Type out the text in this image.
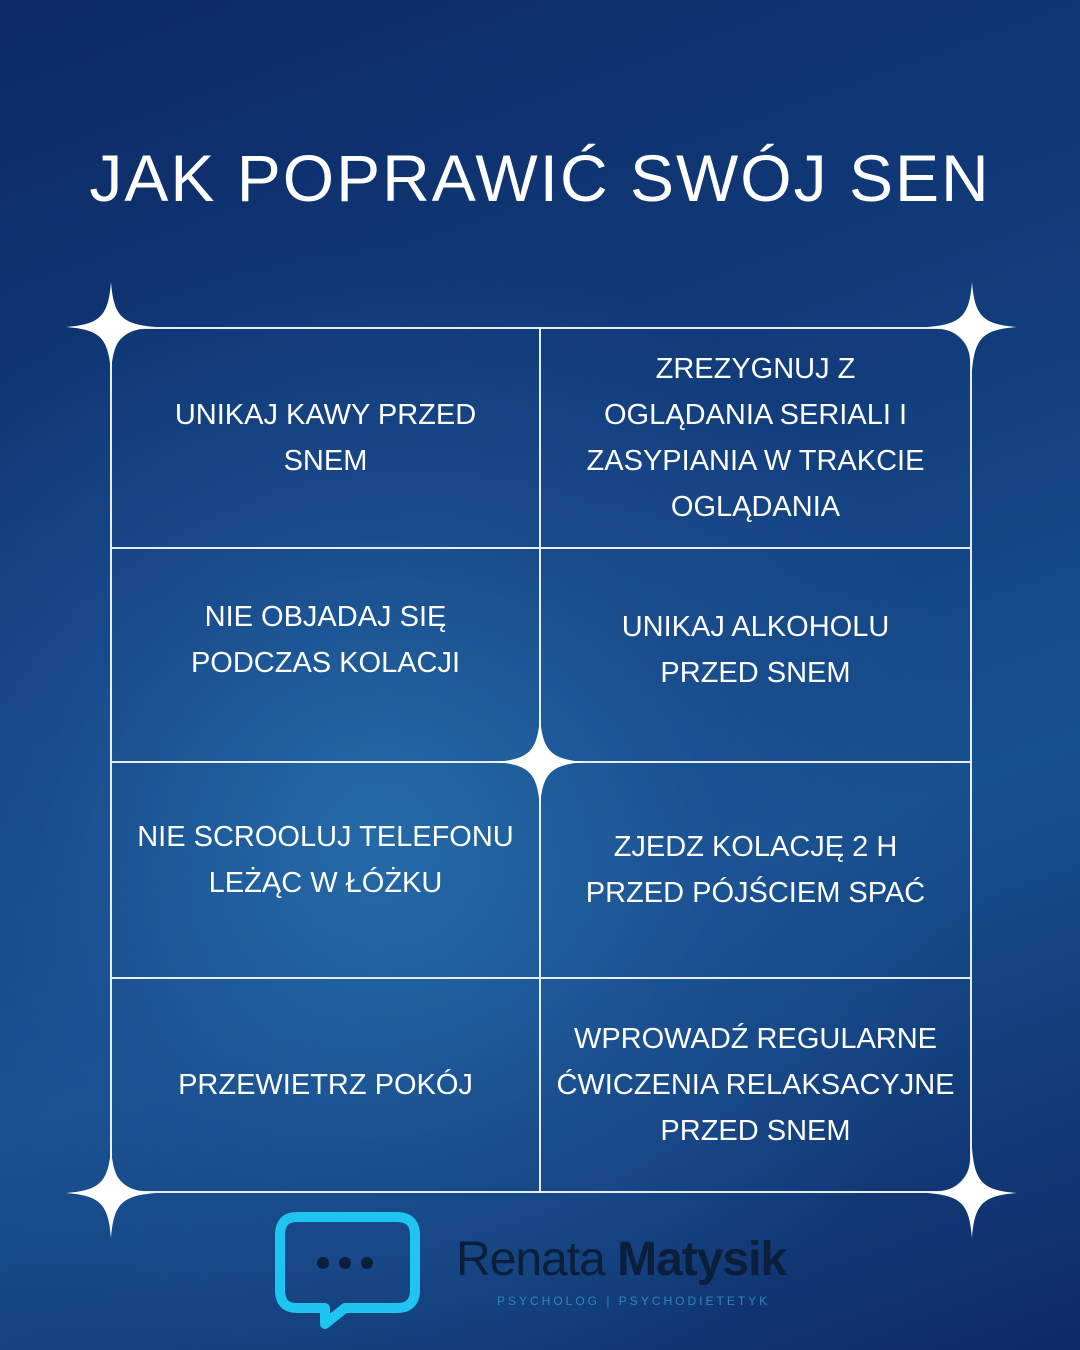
JAK POPRAWIĆ SWÓJ SEN
UNIKAJ KAWY PRZED SNEM
ZREZYGNUJ Z OGLĄDANIA SERIALI I ZASYPIANIA W TRAKCIE OGLĄDANIA
NIE OBJADAJ SIĘ PODCZAS KOLACJI
UNIKAJ ALKOHOLU PRZED SNEM
NIE SCROOLUJ TELEFONU LEŻĄC W ŁÓŻKU
ZJEDZ KOLACJĘ 2 H PRZED PÓJŚCIEM SPAĆ
PRZEWIETRZ POKÓJ
WPROWADŹ REGULARNE ĆWICZENIA RELAKSACYJNE PRZED SNEM
Renata Matysik
PSYCHOLOG | PSYCHODIETETYK
